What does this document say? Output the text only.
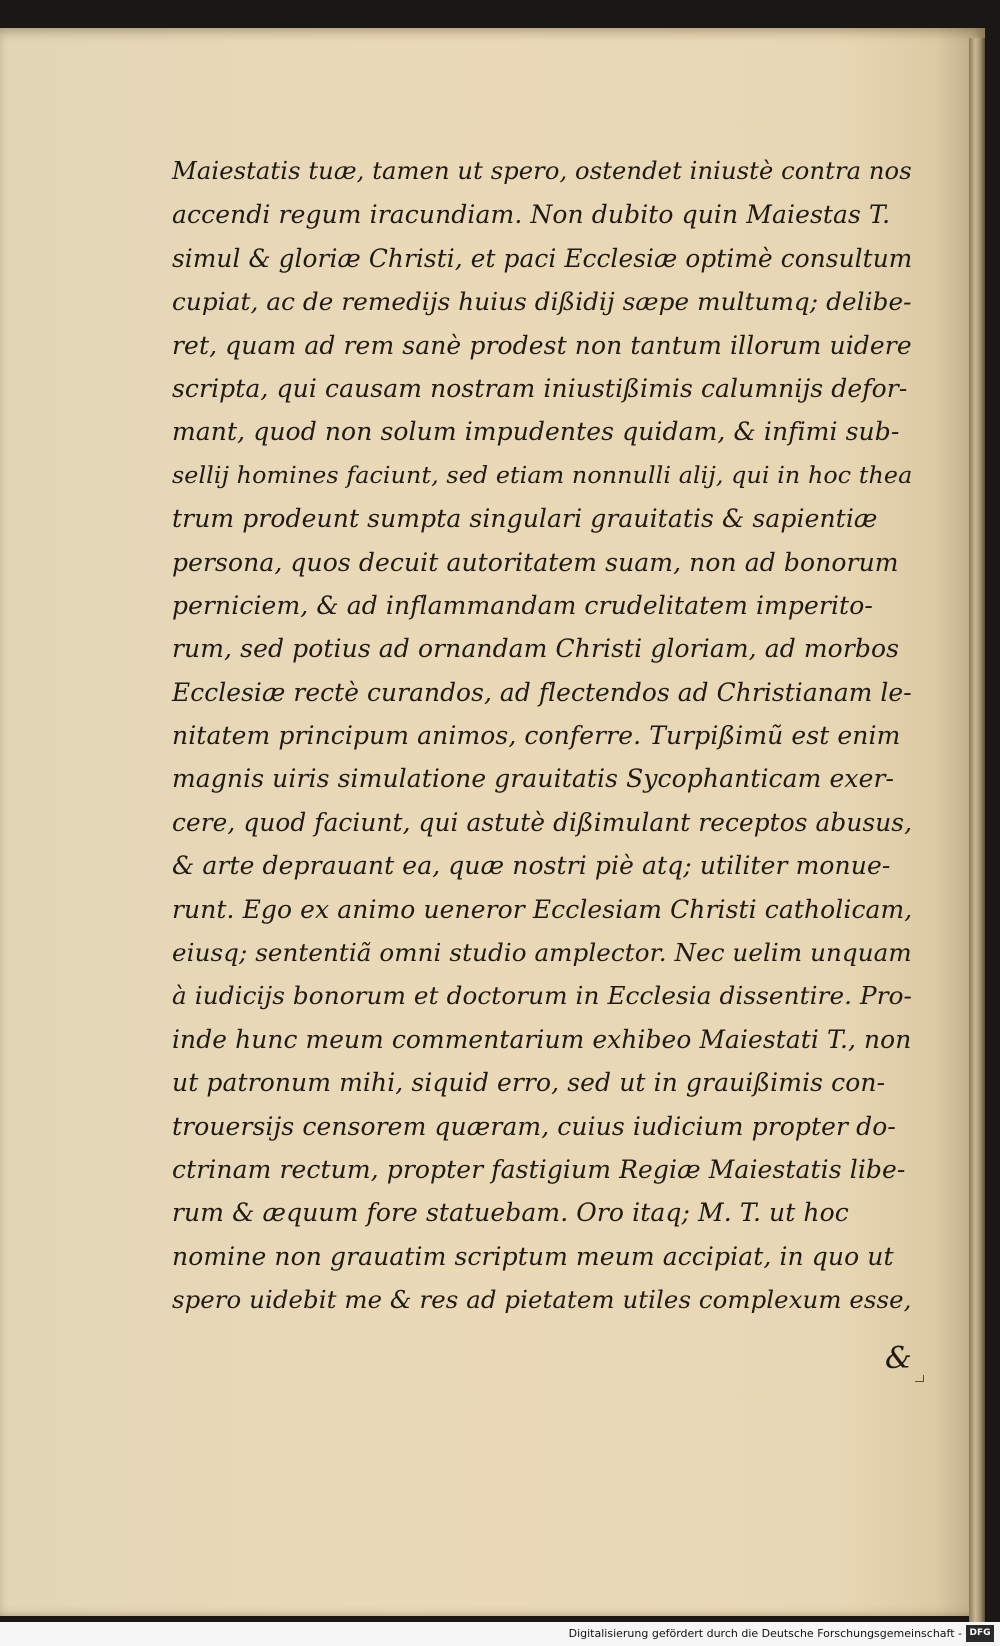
Maiestatis tuæ, tamen ut spero, ostendet iniustè contra nos
accendi regum iracundiam. Non dubito quin Maiestas T.
simul & gloriæ Christi, et paci Ecclesiæ optimè consultum
cupiat, ac de remedijs huius dißidij sæpe multumq; delibe-
ret, quam ad rem sanè prodest non tantum illorum uidere
scripta, qui causam nostram iniustißimis calumnijs defor-
mant, quod non solum impudentes quidam, & infimi sub-
sellij homines faciunt, sed etiam nonnulli alij, qui in hoc thea
trum prodeunt sumpta singulari grauitatis & sapientiæ
persona, quos decuit autoritatem suam, non ad bonorum
perniciem, & ad inflammandam crudelitatem imperito-
rum, sed potius ad ornandam Christi gloriam, ad morbos
Ecclesiæ rectè curandos, ad flectendos ad Christianam le-
nitatem principum animos, conferre. Turpißimũ est enim
magnis uiris simulatione grauitatis Sycophanticam exer-
cere, quod faciunt, qui astutè dißimulant receptos abusus,
& arte deprauant ea, quæ nostri piè atq; utiliter monue-
runt. Ego ex animo ueneror Ecclesiam Christi catholicam,
eiusq; sententiã omni studio amplector. Nec uelim unquam
à iudicijs bonorum et doctorum in Ecclesia dissentire. Pro-
inde hunc meum commentarium exhibeo Maiestati T., non
ut patronum mihi, siquid erro, sed ut in grauißimis con-
trouersijs censorem quæram, cuius iudicium propter do-
ctrinam rectum, propter fastigium Regiæ Maiestatis libe-
rum & æquum fore statuebam. Oro itaq; M. T. ut hoc
nomine non grauatim scriptum meum accipiat, in quo ut
spero uidebit me & res ad pietatem utiles complexum esse,
&
Digitalisierung gefördert durch die Deutsche Forschungsgemeinschaft - DFG
